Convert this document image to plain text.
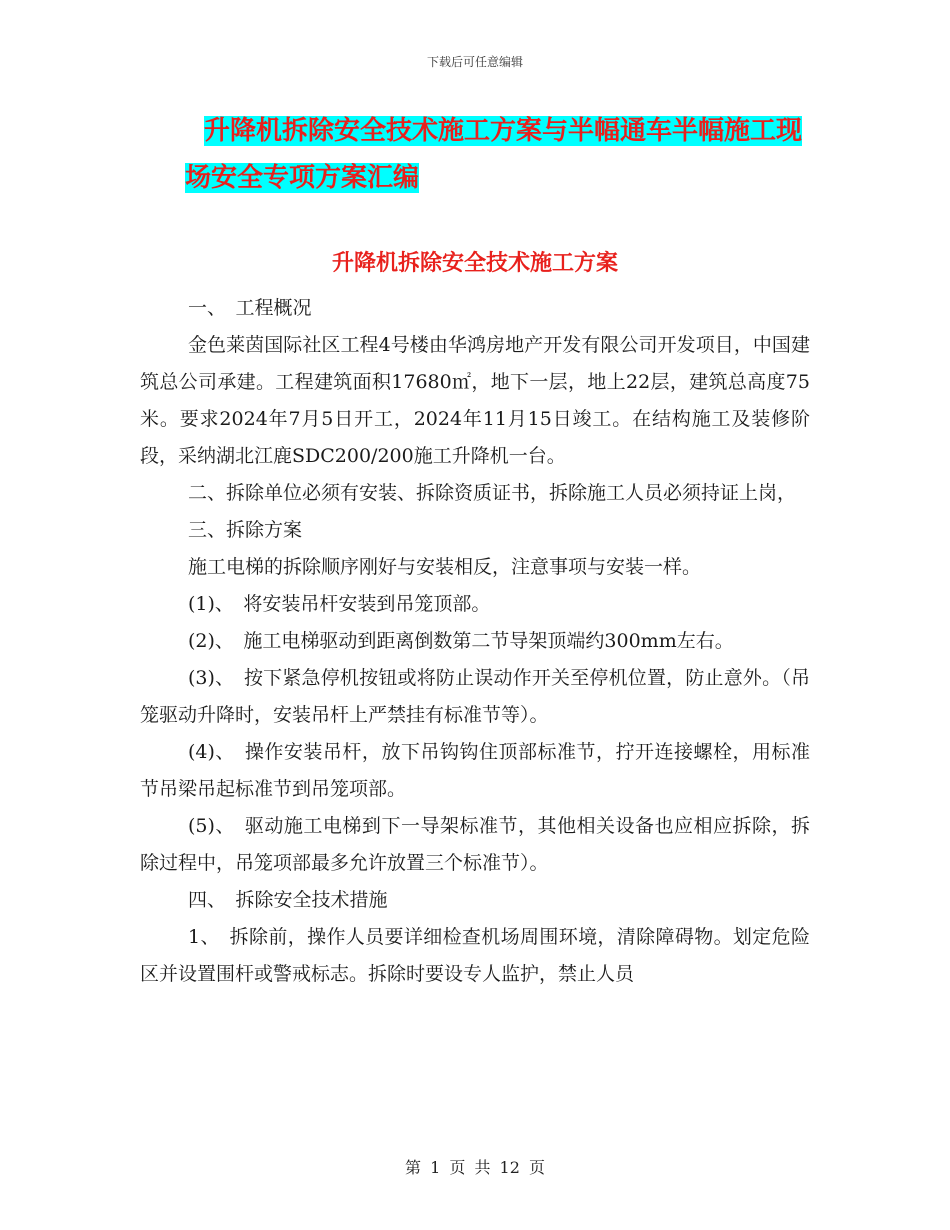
下载后可任意编辑
升降机拆除安全技术施工方案与半幅通车半幅施工现
场安全专项方案汇编
升降机拆除安全技术施工方案

一、　工程概况

金色莱茵国际社区工程4号楼由华鸿房地产开发有限公司开发项目，中国建筑总公司承建。工程建筑面积17680㎡，地下一层，地上22层，建筑总高度75米。要求2024年7月5日开工，2024年11月15日竣工。在结构施工及装修阶段，采纳湖北江鹿SDC200/200施工升降机一台。

二、拆除单位必须有安装、拆除资质证书，拆除施工人员必须持证上岗，

三、拆除方案

施工电梯的拆除顺序刚好与安装相反，注意事项与安装一样。

(1)、　将安装吊杆安装到吊笼顶部。

(2)、　施工电梯驱动到距离倒数第二节导架顶端约300mm左右。

(3)、　按下紧急停机按钮或将防止误动作开关至停机位置，防止意外。（吊笼驱动升降时，安装吊杆上严禁挂有标准节等）。

(4)、　操作安装吊杆，放下吊钩钩住顶部标准节，拧开连接螺栓，用标准节吊梁吊起标准节到吊笼项部。

(5)、　驱动施工电梯到下一导架标准节，其他相关设备也应相应拆除，拆除过程中，吊笼项部最多允许放置三个标准节）。

四、　拆除安全技术措施

1、　拆除前，操作人员要详细检查机场周围环境，清除障碍物。划定危险区并设置围杆或警戒标志。拆除时要设专人监护，禁止人员

第 1 页 共 12 页
